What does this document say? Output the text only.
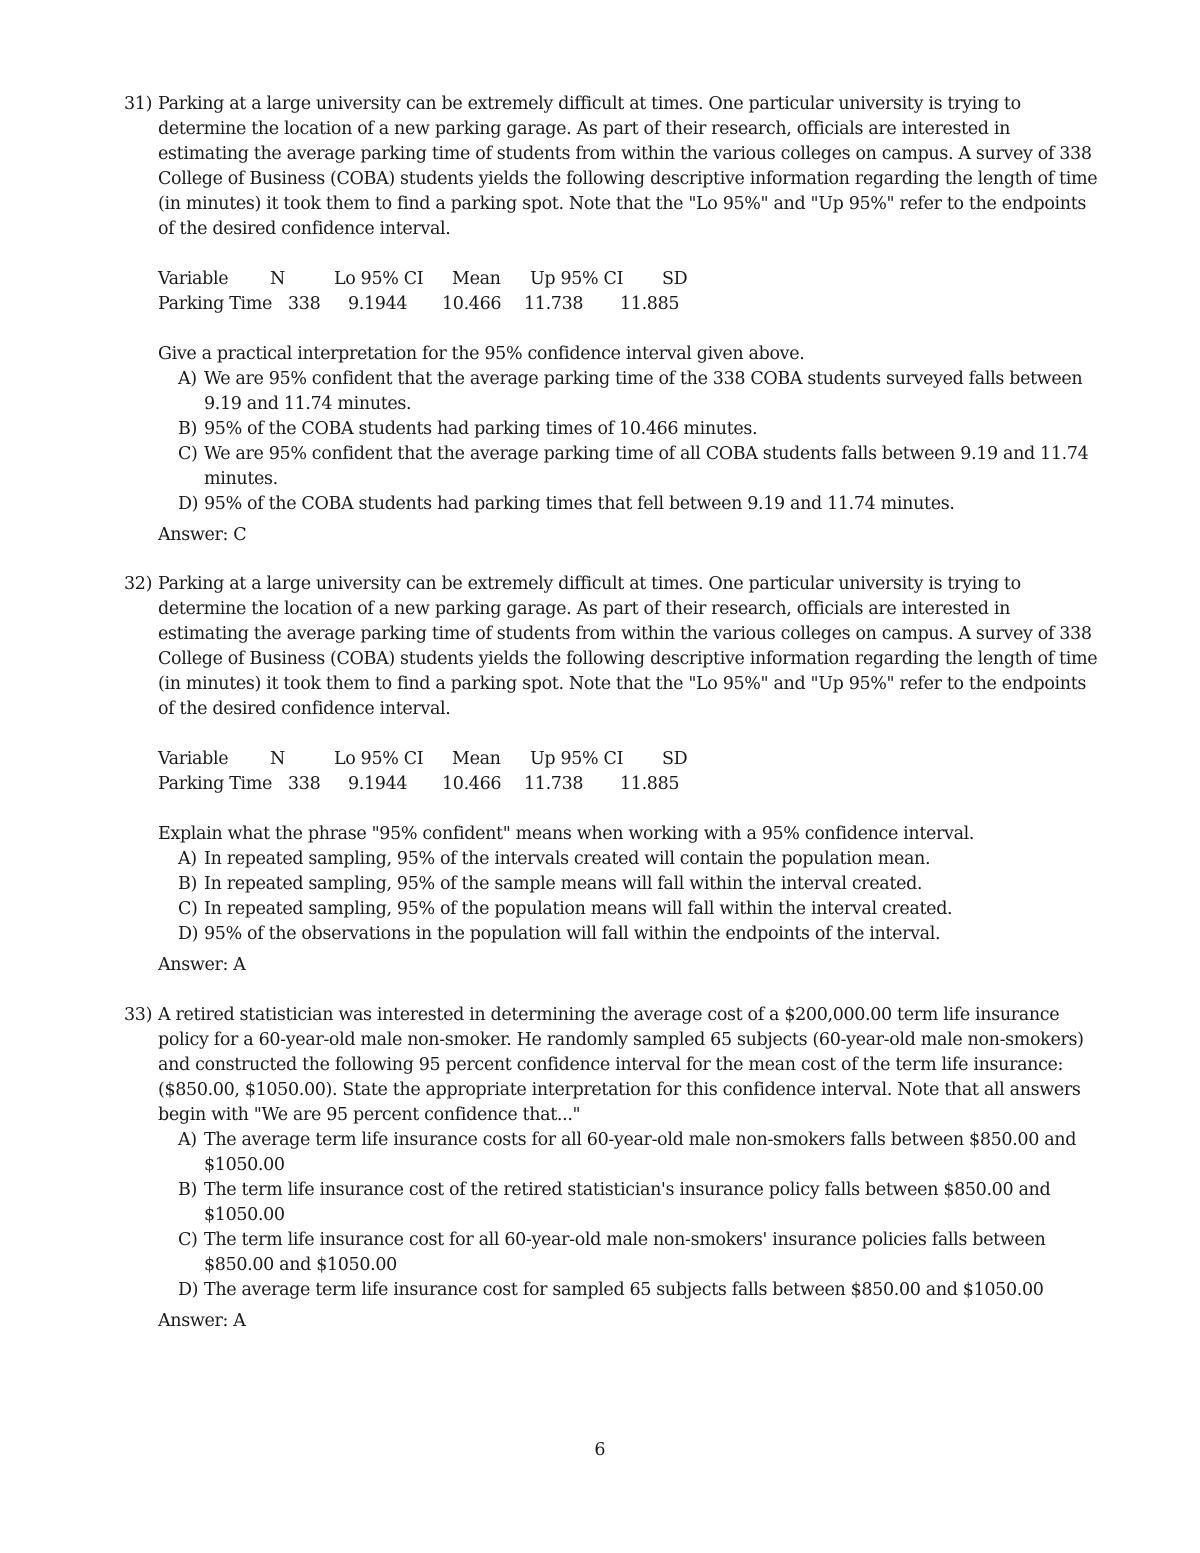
31) Parking at a large university can be extremely difficult at times. One particular university is trying to determine the location of a new parking garage. As part of their research, officials are interested in estimating the average parking time of students from within the various colleges on campus. A survey of 338 College of Business (COBA) students yields the following descriptive information regarding the length of time (in minutes) it took them to find a parking spot. Note that the "Lo 95%" and "Up 95%" refer to the endpoints of the desired confidence interval.

Variable N	Lo 95% CI Mean Up 95% CI SD
Parking Time 338 9.1944 10.466 11.738 11.885
Give a practical interpretation for the 95% confidence interval given above.
A) We are 95% confident that the average parking time of the 338 COBA students surveyed falls between 9.19 and 11.74 minutes.
B) 95% of the COBA students had parking times of 10.466 minutes.
C) We are 95% confident that the average parking time of all COBA students falls between 9.19 and 11.74 minutes.
D) 95% of the COBA students had parking times that fell between 9.19 and 11.74 minutes.
Answer: C
32) Parking at a large university can be extremely difficult at times. One particular university is trying to determine the location of a new parking garage. As part of their research, officials are interested in estimating the average parking time of students from within the various colleges on campus. A survey of 338 College of Business (COBA) students yields the following descriptive information regarding the length of time (in minutes) it took them to find a parking spot. Note that the "Lo 95%" and "Up 95%" refer to the endpoints of the desired confidence interval.

Variable N	Lo 95% CI Mean Up 95% CI SD
Parking Time 338 9.1944 10.466 11.738 11.885
Explain what the phrase "95% confident" means when working with a 95% confidence interval.
A) In repeated sampling, 95% of the intervals created will contain the population mean.
B) In repeated sampling, 95% of the sample means will fall within the interval created.
C) In repeated sampling, 95% of the population means will fall within the interval created.
D) 95% of the observations in the population will fall within the endpoints of the interval.
Answer: A
33) A retired statistician was interested in determining the average cost of a $200,000.00 term life insurance policy for a 60-year-old male non-smoker. He randomly sampled 65 subjects (60-year-old male non-smokers) and constructed the following 95 percent confidence interval for the mean cost of the term life insurance: ($850.00, $1050.00). State the appropriate interpretation for this confidence interval. Note that all answers begin with "We are 95 percent confidence that..."

A) The average term life insurance costs for all 60-year-old male non-smokers falls between $850.00 and $1050.00
B) The term life insurance cost of the retired statistician's insurance policy falls between $850.00 and $1050.00
C) The term life insurance cost for all 60-year-old male non-smokers' insurance policies falls between $850.00 and $1050.00
D) The average term life insurance cost for sampled 65 subjects falls between $850.00 and $1050.00
Answer: A
6
